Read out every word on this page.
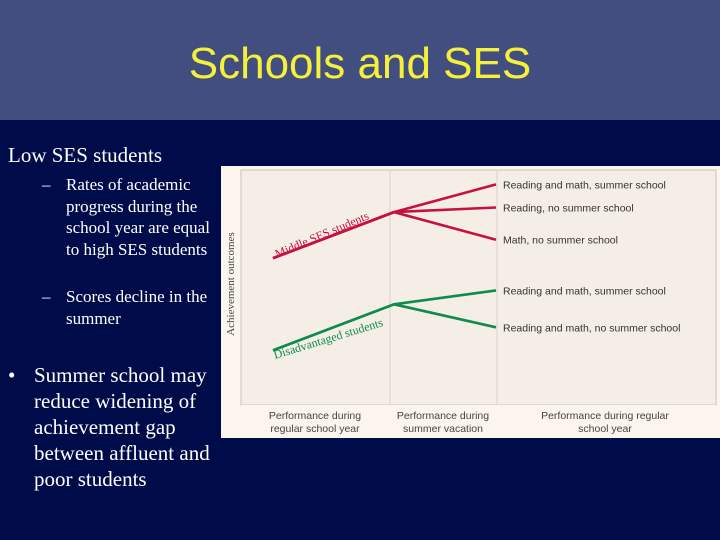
Schools and SES
Low SES students
– Rates of academic progress during the school year are equal to high SES students
– Scores decline in the summer
• Summer school may reduce widening of achievement gap between affluent and poor students
Achievement outcomes
Performance during regular school year
Performance during summer vacation
Performance during regular school year
Reading and math, summer school
Reading, no summer school
Math, no summer school
Reading and math, summer school
Reading and math, no summer school
Middle SES students
Disadvantaged students
